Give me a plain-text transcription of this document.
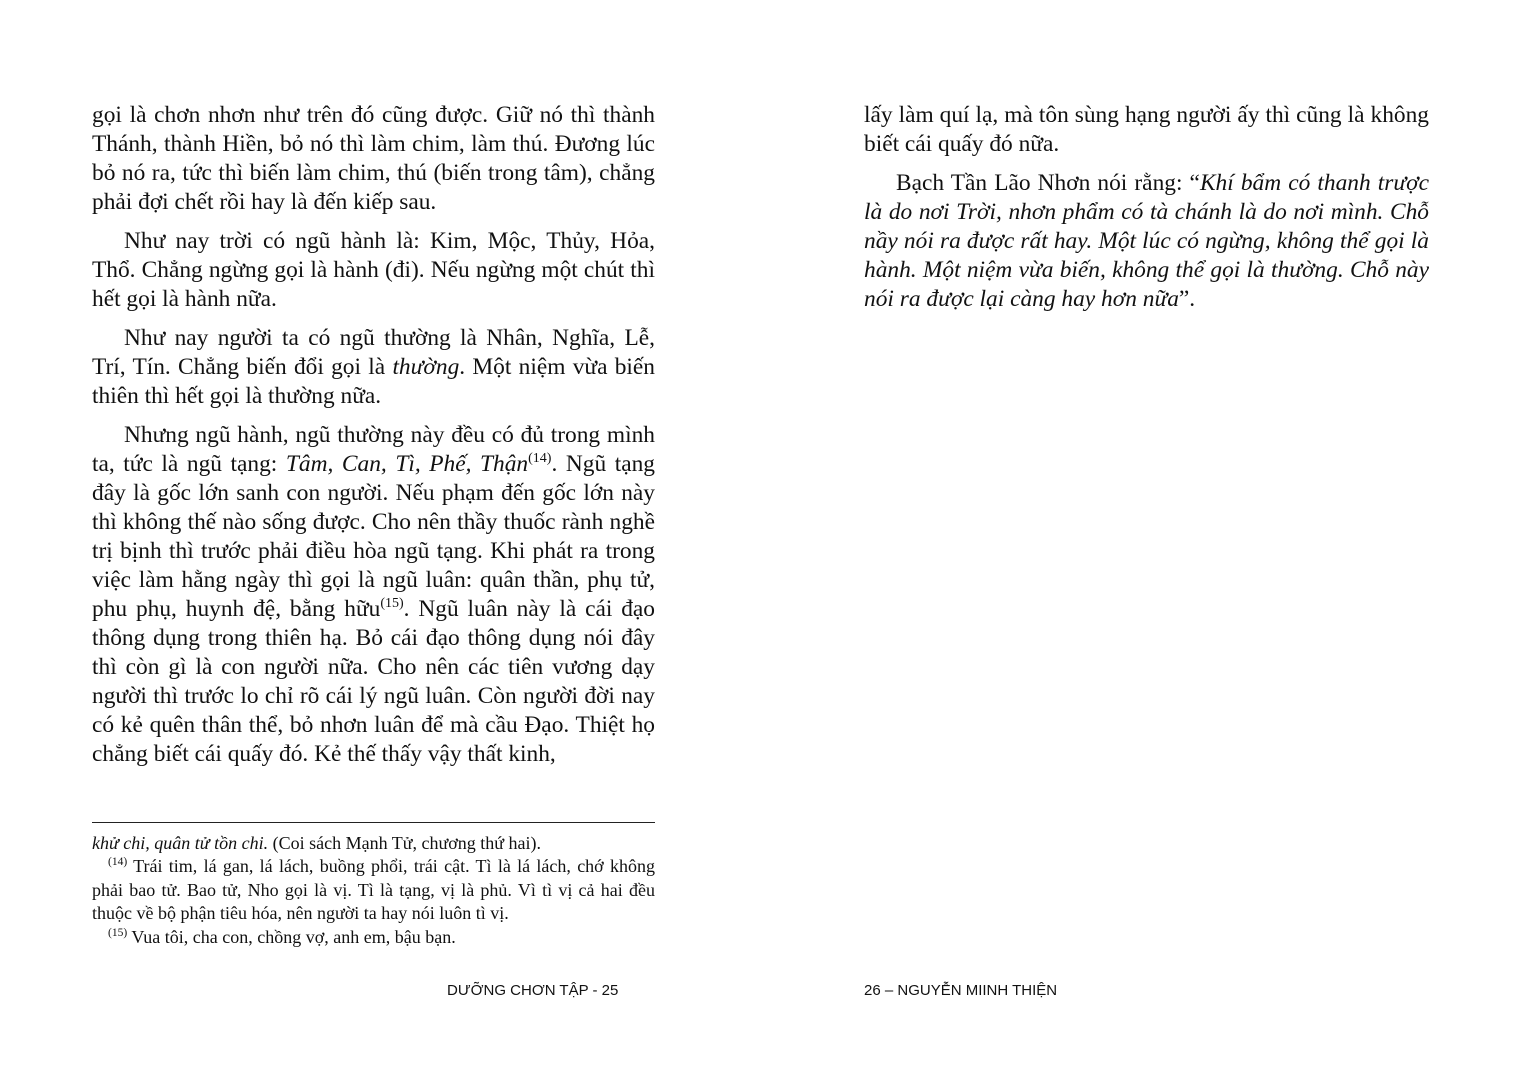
gọi là chơn nhơn như trên đó cũng được. Giữ nó thì thành Thánh, thành Hiền, bỏ nó thì làm chim, làm thú. Đương lúc bỏ nó ra, tức thì biến làm chim, thú (biến trong tâm), chẳng phải đợi chết rồi hay là đến kiếp sau.

Như nay trời có ngũ hành là: Kim, Mộc, Thủy, Hỏa, Thổ. Chẳng ngừng gọi là hành (đi). Nếu ngừng một chút thì hết gọi là hành nữa.

Như nay người ta có ngũ thường là Nhân, Nghĩa, Lễ, Trí, Tín. Chẳng biến đổi gọi là thường. Một niệm vừa biến thiên thì hết gọi là thường nữa.

Nhưng ngũ hành, ngũ thường này đều có đủ trong mình ta, tức là ngũ tạng: Tâm, Can, Tì, Phế, Thận$^{(14)}$. Ngũ tạng đây là gốc lớn sanh con người. Nếu phạm đến gốc lớn này thì không thế nào sống được. Cho nên thầy thuốc rành nghề trị bịnh thì trước phải điều hòa ngũ tạng. Khi phát ra trong việc làm hằng ngày thì gọi là ngũ luân: quân thần, phụ tử, phu phụ, huynh đệ, bằng hữu$^{(15)}$. Ngũ luân này là cái đạo thông dụng trong thiên hạ. Bỏ cái đạo thông dụng nói đây thì còn gì là con người nữa. Cho nên các tiên vương dạy người thì trước lo chỉ rõ cái lý ngũ luân. Còn người đời nay có kẻ quên thân thể, bỏ nhơn luân để mà cầu Đạo. Thiệt họ chẳng biết cái quấy đó. Kẻ thế thấy vậy thất kinh,

khử chi, quân tử tồn chi. (Coi sách Mạnh Tử, chương thứ hai).

$^{(14)}$ Trái tim, lá gan, lá lách, buồng phổi, trái cật. Tì là lá lách, chớ không phải bao tử. Bao tử, Nho gọi là vị. Tì là tạng, vị là phủ. Vì tì vị cả hai đều thuộc về bộ phận tiêu hóa, nên người ta hay nói luôn tì vị.

$^{(15)}$ Vua tôi, cha con, chồng vợ, anh em, bậu bạn.

DƯỠNG CHƠN TẬP - 25

lấy làm quí lạ, mà tôn sùng hạng người ấy thì cũng là không biết cái quấy đó nữa.

Bạch Tần Lão Nhơn nói rằng: “Khí bẩm có thanh trược là do nơi Trời, nhơn phẩm có tà chánh là do nơi mình. Chỗ nầy nói ra được rất hay. Một lúc có ngừng, không thể gọi là hành. Một niệm vừa biến, không thể gọi là thường. Chỗ này nói ra được lại càng hay hơn nữa”.

26 – NGUYỄN MIINH THIỆN
